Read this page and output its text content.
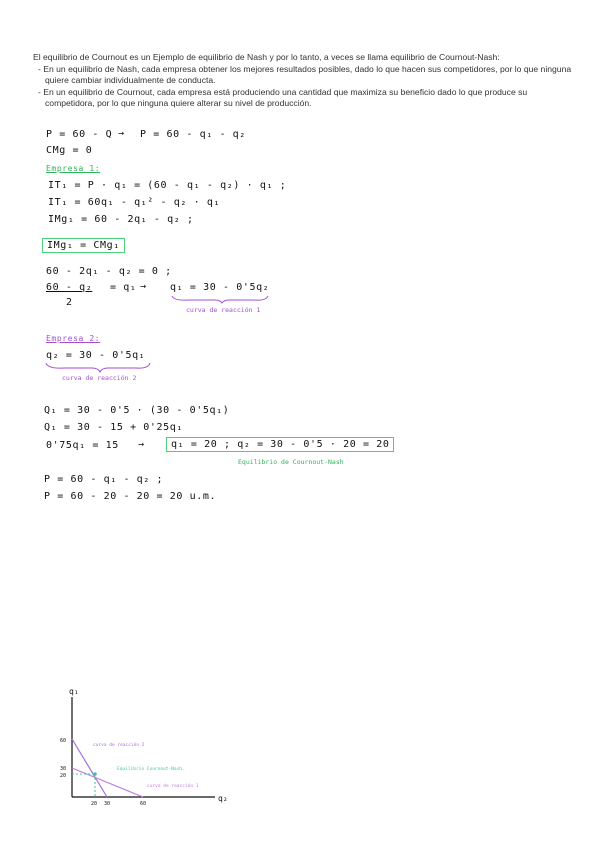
El equilibrio de Cournout es un Ejemplo de equilibrio de Nash y por lo tanto, a veces se llama equilibrio de Cournout-Nash:

- En un equilibrio de Nash, cada empresa obtener los mejores resultados posibles, dado lo que hacen sus competidores, por lo que ninguna quiere cambiar individualmente de conducta.

- En un equilibrio de Cournout, cada empresa está produciendo una cantidad que maximiza su beneficio dado lo que produce su competidora, por lo que ninguna quiere alterar su nivel de producción.

P = 60 - Q → P = 60 - q₁ - q₂
CMg = 0
Empresa 1:
IT₁ = P · q₁ = (60 - q₁ - q₂) · q₁ ;
IT₁ = 60q₁ - q₁² - q₂ · q₁
IMg₁ = 60 - 2q₁ - q₂ ;
IMg₁ = CMg₁
60 - 2q₁ - q₂ = 0 ;
60 - q₂ = q₁
2
→ q₁ = 30 - 0'5q₂
curva de reacción 1
Empresa 2:
q₂ = 30 - 0'5q₁
curva de reacción 2
Q₁ = 30 - 0'5 · (30 - 0'5q₁)
Q₁ = 30 - 15 + 0'25q₁
0'75q₁ = 15 →	q₁ = 20 ; q₂ = 30 - 0'5 · 20 = 20
Equilibrio de Cournout-Nash
P = 60 - q₁ - q₂ ;
P = 60 - 20 - 20 = 20 u.m.
q₁
q₂
60
30
20
20 30	60
curva de reacción 2
Equilibrio Cournout-Nash.
curva de reacción 1
